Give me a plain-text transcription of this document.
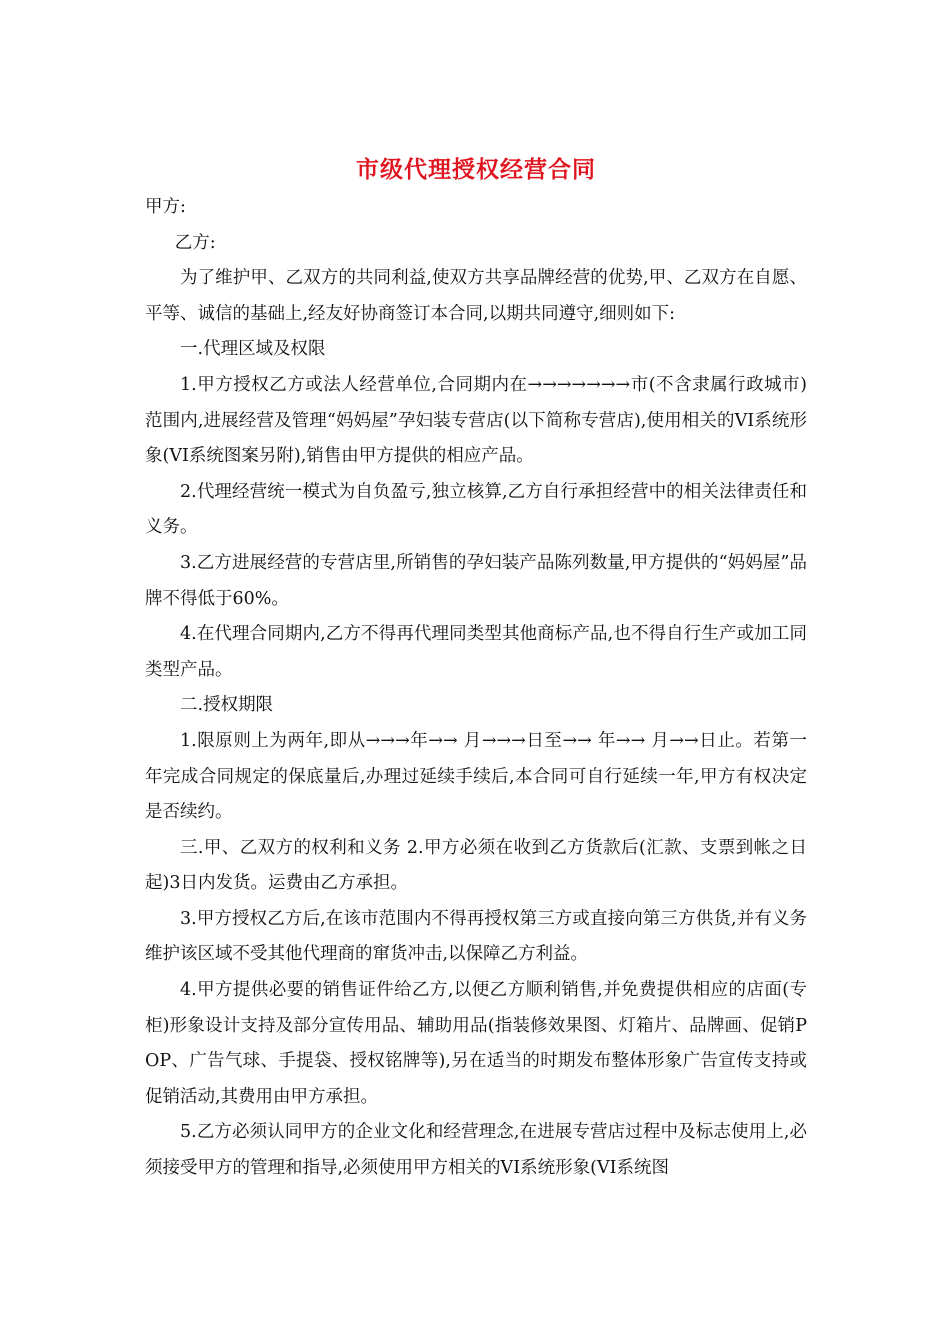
市级代理授权经营合同

甲方:

乙方:

为了维护甲、乙双方的共同利益,使双方共享品牌经营的优势,甲、乙双方在自愿、平等、诚信的基础上,经友好协商签订本合同,以期共同遵守,细则如下:

一.代理区域及权限

1.甲方授权乙方或法人经营单位,合同期内在→→→→→→→市(不含隶属行政城市)范围内,进展经营及管理“妈妈屋”孕妇装专营店(以下简称专营店),使用相关的VI系统形象(VI系统图案另附),销售由甲方提供的相应产品。

2.代理经营统一模式为自负盈亏,独立核算,乙方自行承担经营中的相关法律责任和义务。

3.乙方进展经营的专营店里,所销售的孕妇装产品陈列数量,甲方提供的“妈妈屋”品牌不得低于60%。

4.在代理合同期内,乙方不得再代理同类型其他商标产品,也不得自行生产或加工同类型产品。

二.授权期限

1.限原则上为两年,即从→→→年→→ 月→→→日至→→ 年→→ 月→→日止。若第一年完成合同规定的保底量后,办理过延续手续后,本合同可自行延续一年,甲方有权决定是否续约。

三.甲、乙双方的权利和义务 2.甲方必须在收到乙方货款后(汇款、支票到帐之日起)3日内发货。运费由乙方承担。

3.甲方授权乙方后,在该市范围内不得再授权第三方或直接向第三方供货,并有义务维护该区域不受其他代理商的窜货冲击,以保障乙方利益。

4.甲方提供必要的销售证件给乙方,以便乙方顺利销售,并免费提供相应的店面(专柜)形象设计支持及部分宣传用品、辅助用品(指装修效果图、灯箱片、品牌画、促销POP、广告气球、手提袋、授权铭牌等),另在适当的时期发布整体形象广告宣传支持或促销活动,其费用由甲方承担。

5.乙方必须认同甲方的企业文化和经营理念,在进展专营店过程中及标志使用上,必须接受甲方的管理和指导,必须使用甲方相关的VI系统形象(VI系统图
